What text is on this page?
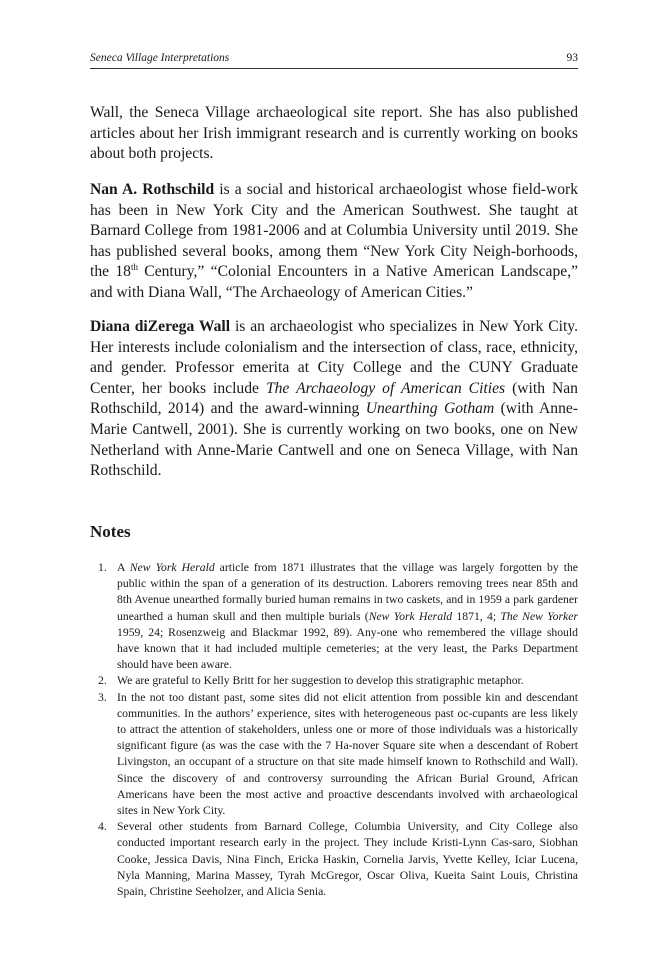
Seneca Village Interpretations	93

Wall, the Seneca Village archaeological site report. She has also published articles about her Irish immigrant research and is currently working on books about both projects.

Nan A. Rothschild is a social and historical archaeologist whose field-work has been in New York City and the American Southwest. She taught at Barnard College from 1981-2006 and at Columbia University until 2019. She has published several books, among them “New York City Neigh-borhoods, the 18th Century,” “Colonial Encounters in a Native American Landscape,” and with Diana Wall, “The Archaeology of American Cities.”

Diana diZerega Wall is an archaeologist who specializes in New York City. Her interests include colonialism and the intersection of class, race, ethnicity, and gender. Professor emerita at City College and the CUNY Graduate Center, her books include The Archaeology of American Cities (with Nan Rothschild, 2014) and the award-winning Unearthing Gotham (with Anne-Marie Cantwell, 2001). She is currently working on two books, one on New Netherland with Anne-Marie Cantwell and one on Seneca Village, with Nan Rothschild.

Notes
1. A New York Herald article from 1871 illustrates that the village was largely forgotten by the public within the span of a generation of its destruction. Laborers removing trees near 85th and 8th Avenue unearthed formally buried human remains in two caskets, and in 1959 a park gardener unearthed a human skull and then multiple burials (New York Herald 1871, 4; The New Yorker 1959, 24; Rosenzweig and Blackmar 1992, 89). Any-one who remembered the village should have known that it had included multiple cemeteries; at the very least, the Parks Department should have been aware.
2. We are grateful to Kelly Britt for her suggestion to develop this stratigraphic metaphor.
3. In the not too distant past, some sites did not elicit attention from possible kin and descendant communities. In the authors’ experience, sites with heterogeneous past oc-cupants are less likely to attract the attention of stakeholders, unless one or more of those individuals was a historically significant figure (as was the case with the 7 Ha-nover Square site when a descendant of Robert Livingston, an occupant of a structure on that site made himself known to Rothschild and Wall). Since the discovery of and controversy surrounding the African Burial Ground, African Americans have been the most active and proactive descendants involved with archaeological sites in New York City.
4. Several other students from Barnard College, Columbia University, and City College also conducted important research early in the project. They include Kristi-Lynn Cas-saro, Siobhan Cooke, Jessica Davis, Nina Finch, Ericka Haskin, Cornelia Jarvis, Yvette Kelley, Iciar Lucena, Nyla Manning, Marina Massey, Tyrah McGregor, Oscar Oliva, Kueita Saint Louis, Christina Spain, Christine Seeholzer, and Alicia Senia.
